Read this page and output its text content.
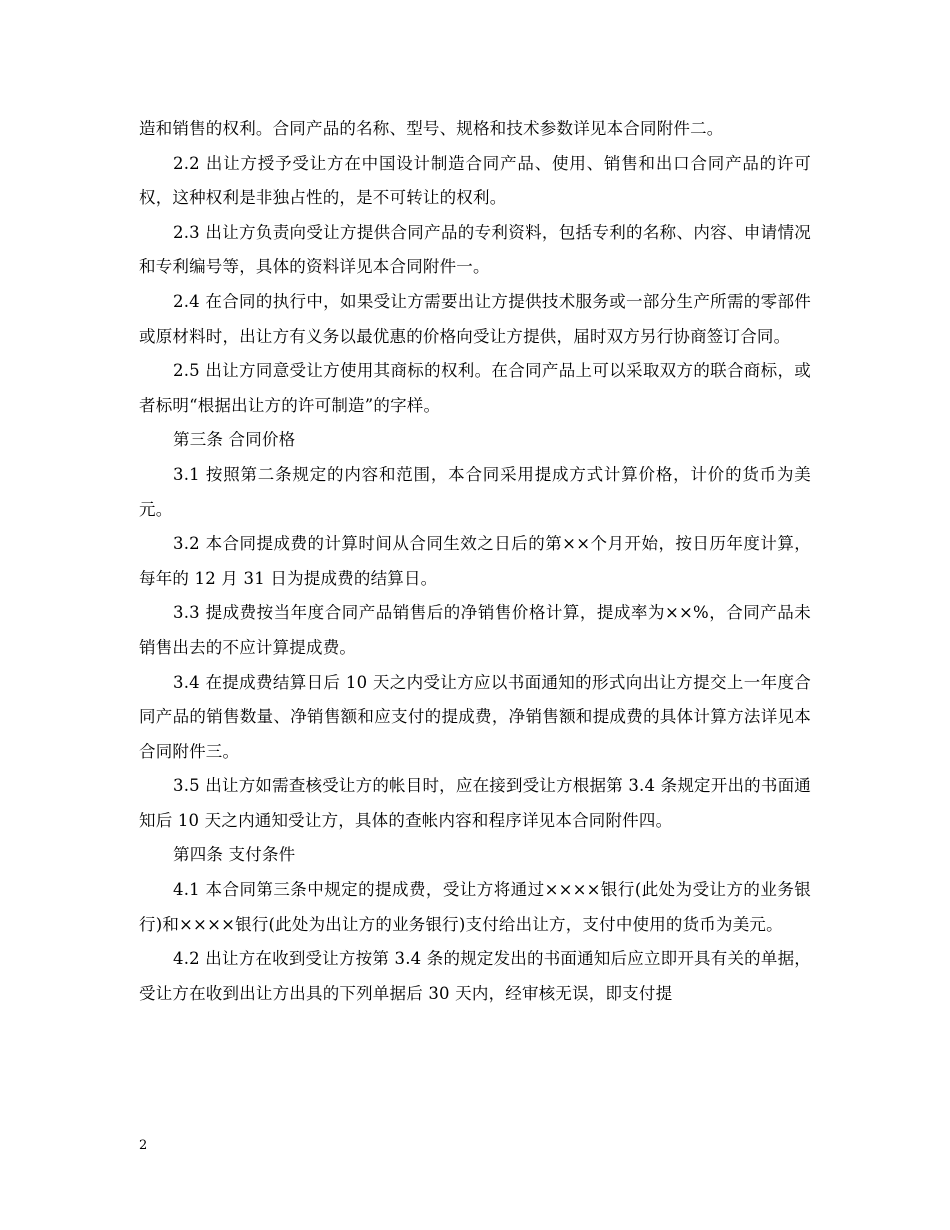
造和销售的权利。合同产品的名称、型号、规格和技术参数详见本合同附件二。

2.2 出让方授予受让方在中国设计制造合同产品、使用、销售和出口合同产品的许可权，这种权利是非独占性的，是不可转让的权利。

2.3 出让方负责向受让方提供合同产品的专利资料，包括专利的名称、内容、申请情况和专利编号等，具体的资料详见本合同附件一。

2.4 在合同的执行中，如果受让方需要出让方提供技术服务或一部分生产所需的零部件或原材料时，出让方有义务以最优惠的价格向受让方提供，届时双方另行协商签订合同。

2.5 出让方同意受让方使用其商标的权利。在合同产品上可以采取双方的联合商标，或者标明“根据出让方的许可制造”的字样。

第三条 合同价格

3.1 按照第二条规定的内容和范围，本合同采用提成方式计算价格，计价的货币为美元。

3.2 本合同提成费的计算时间从合同生效之日后的第××个月开始，按日历年度计算，每年的 12 月 31 日为提成费的结算日。

3.3 提成费按当年度合同产品销售后的净销售价格计算，提成率为××%，合同产品未销售出去的不应计算提成费。

3.4 在提成费结算日后 10 天之内受让方应以书面通知的形式向出让方提交上一年度合同产品的销售数量、净销售额和应支付的提成费，净销售额和提成费的具体计算方法详见本合同附件三。

3.5 出让方如需查核受让方的帐目时，应在接到受让方根据第 3.4 条规定开出的书面通知后 10 天之内通知受让方，具体的查帐内容和程序详见本合同附件四。

第四条 支付条件

4.1 本合同第三条中规定的提成费，受让方将通过××××银行(此处为受让方的业务银行)和××××银行(此处为出让方的业务银行)支付给出让方，支付中使用的货币为美元。

4.2 出让方在收到受让方按第 3.4 条的规定发出的书面通知后应立即开具有关的单据，受让方在收到出让方出具的下列单据后 30 天内，经审核无误，即支付提

2
